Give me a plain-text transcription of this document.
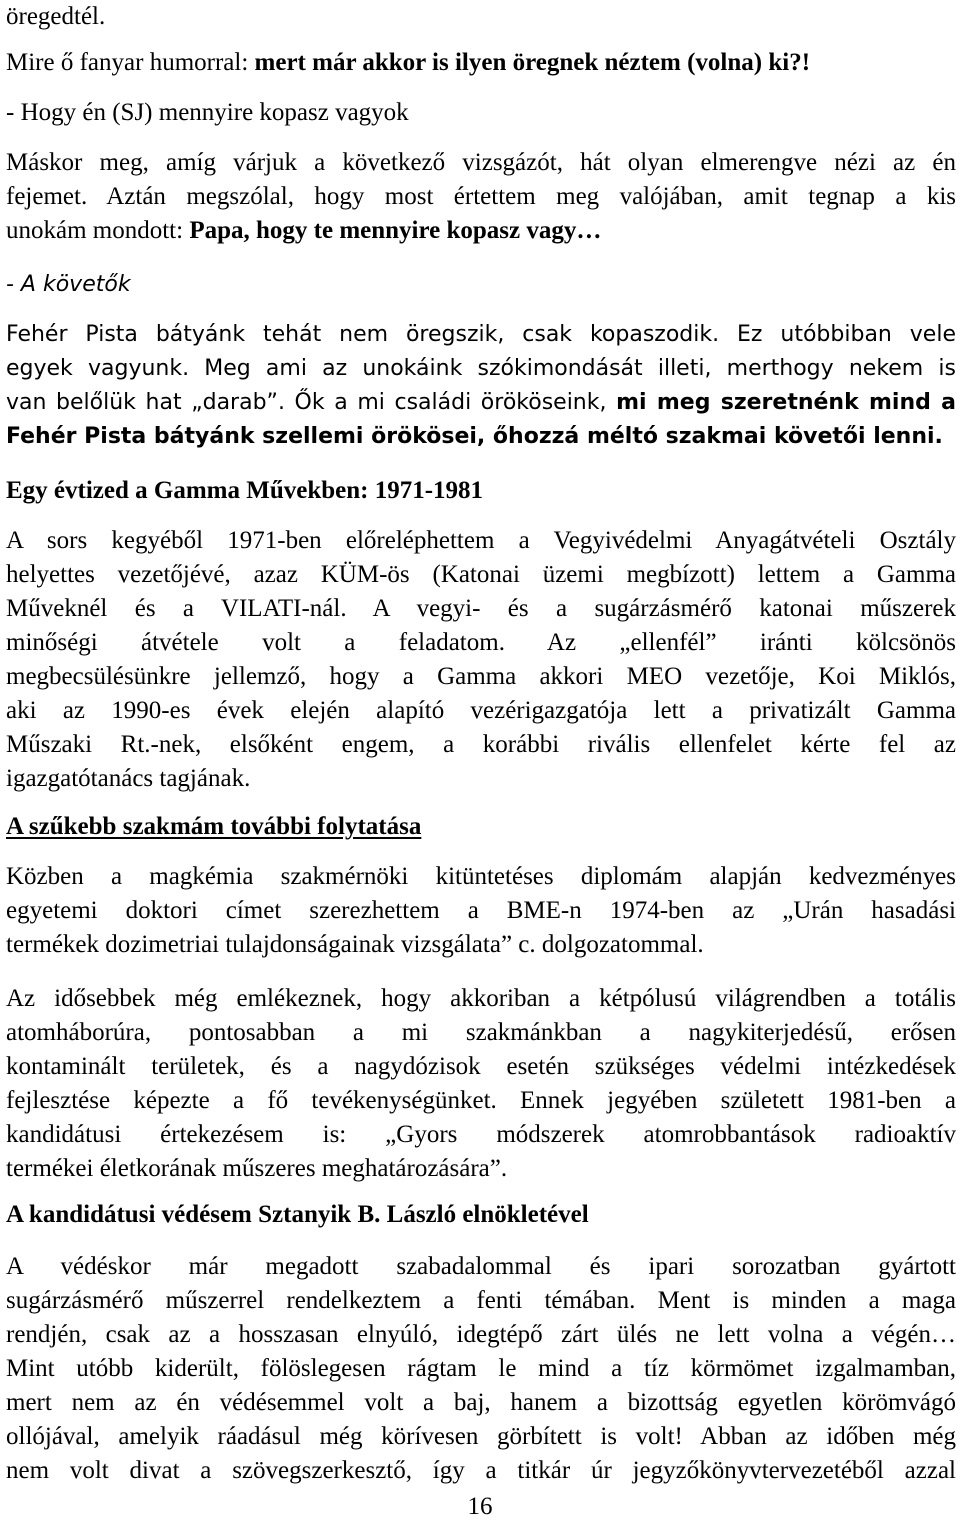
öregedtél.
Mire ő fanyar humorral: mert már akkor is ilyen öregnek néztem (volna) ki?!
- Hogy én (SJ) mennyire kopasz vagyok
Máskor meg, amíg várjuk a következő vizsgázót, hát olyan elmerengve nézi az én
fejemet. Aztán megszólal, hogy most értettem meg valójában, amit tegnap a kis
unokám mondott: Papa, hogy te mennyire kopasz vagy…
- A követők
Fehér Pista bátyánk tehát nem öregszik, csak kopaszodik. Ez utóbbiban vele
egyek vagyunk. Meg ami az unokáink szókimondását illeti, merthogy nekem is
van belőlük hat „darab”. Ők a mi családi örököseink, mi meg szeretnénk mind a
Fehér Pista bátyánk szellemi örökösei, őhozzá méltó szakmai követői lenni.
Egy évtized a Gamma Művekben: 1971-1981
A sors kegyéből 1971-ben előreléphettem a Vegyivédelmi Anyagátvételi Osztály
helyettes vezetőjévé, azaz KÜM-ös (Katonai üzemi megbízott) lettem a Gamma
Műveknél és a VILATI-nál. A vegyi- és a sugárzásmérő katonai műszerek
minőségi átvétele volt a feladatom. Az „ellenfél” iránti kölcsönös
megbecsülésünkre jellemző, hogy a Gamma akkori MEO vezetője, Koi Miklós,
aki az 1990-es évek elején alapító vezérigazgatója lett a privatizált Gamma
Műszaki Rt.-nek, elsőként engem, a korábbi rivális ellenfelet kérte fel az
igazgatótanács tagjának.
A szűkebb szakmám további folytatása
Közben a magkémia szakmérnöki kitüntetéses diplomám alapján kedvezményes
egyetemi doktori címet szerezhettem a BME-n 1974-ben az „Urán hasadási
termékek dozimetriai tulajdonságainak vizsgálata” c. dolgozatommal.
Az idősebbek még emlékeznek, hogy akkoriban a kétpólusú világrendben a totális
atomháborúra, pontosabban a mi szakmánkban a nagykiterjedésű, erősen
kontaminált területek, és a nagydózisok esetén szükséges védelmi intézkedések
fejlesztése képezte a fő tevékenységünket. Ennek jegyében született 1981-ben a
kandidátusi értekezésem is: „Gyors módszerek atomrobbantások radioaktív
termékei életkorának műszeres meghatározására”.
A kandidátusi védésem Sztanyik B. László elnökletével
A védéskor már megadott szabadalommal és ipari sorozatban gyártott
sugárzásmérő műszerrel rendelkeztem a fenti témában. Ment is minden a maga
rendjén, csak az a hosszasan elnyúló, idegtépő zárt ülés ne lett volna a végén…
Mint utóbb kiderült, fölöslegesen rágtam le mind a tíz körmömet izgalmamban,
mert nem az én védésemmel volt a baj, hanem a bizottság egyetlen körömvágó
ollójával, amelyik ráadásul még körívesen görbített is volt! Abban az időben még
nem volt divat a szövegszerkesztő, így a titkár úr jegyzőkönyvtervezetéből azzal
16
